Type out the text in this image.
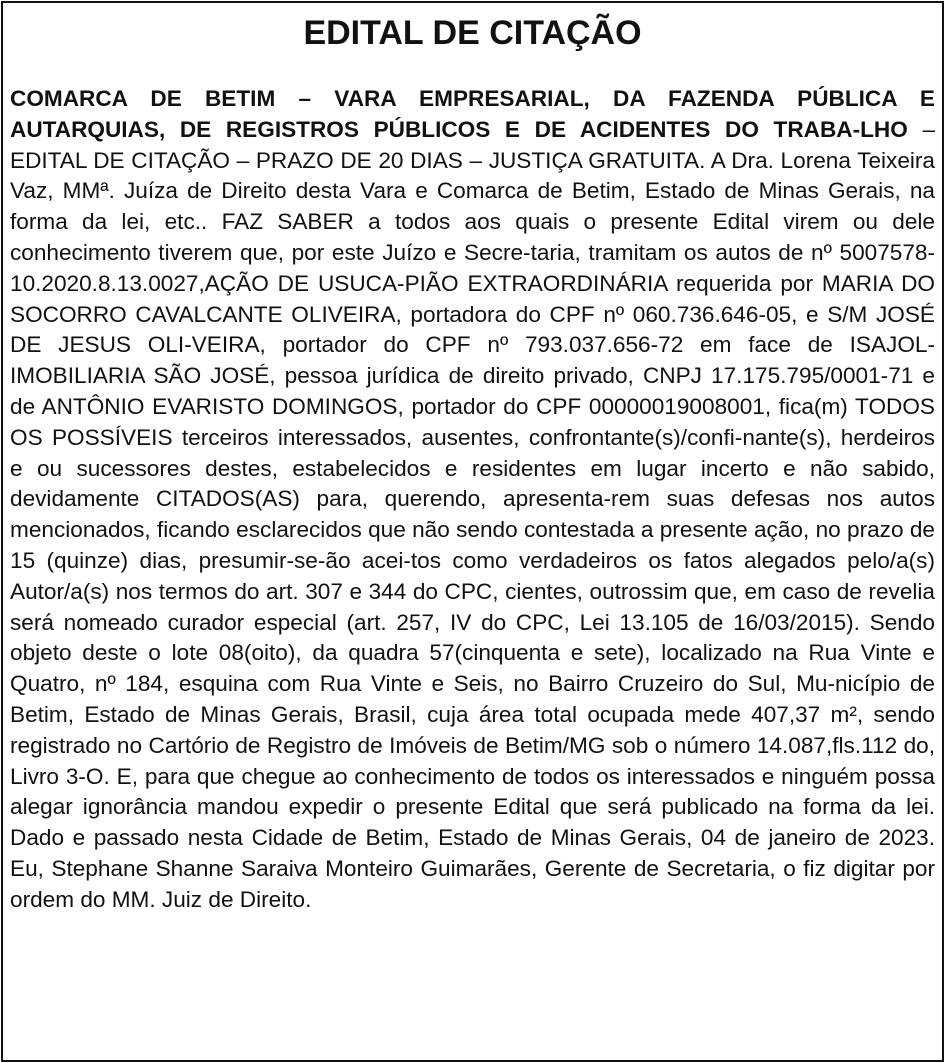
EDITAL DE CITAÇÃO

COMARCA DE BETIM – VARA EMPRESARIAL, DA FAZENDA PÚBLICA E AUTARQUIAS, DE REGISTROS PÚBLICOS E DE ACIDENTES DO TRABA-LHO – EDITAL DE CITAÇÃO – PRAZO DE 20 DIAS – JUSTIÇA GRATUITA. A Dra. Lorena Teixeira Vaz, MMª. Juíza de Direito desta Vara e Comarca de Betim, Estado de Minas Gerais, na forma da lei, etc.. FAZ SABER a todos aos quais o presente Edital virem ou dele conhecimento tiverem que, por este Juízo e Secre-taria, tramitam os autos de nº 5007578-10.2020.8.13.0027,AÇÃO DE USUCA-PIÃO EXTRAORDINÁRIA requerida por MARIA DO SOCORRO CAVALCANTE OLIVEIRA, portadora do CPF nº 060.736.646-05, e S/M JOSÉ DE JESUS OLI-VEIRA, portador do CPF nº 793.037.656-72 em face de ISAJOL- IMOBILIARIA SÃO JOSÉ, pessoa jurídica de direito privado, CNPJ 17.175.795/0001-71 e de ANTÔNIO EVARISTO DOMINGOS, portador do CPF 00000019008001, fica(m) TODOS OS POSSÍVEIS terceiros interessados, ausentes, confrontante(s)/confi-nante(s), herdeiros e ou sucessores destes, estabelecidos e residentes em lugar incerto e não sabido, devidamente CITADOS(AS) para, querendo, apresenta-rem suas defesas nos autos mencionados, ficando esclarecidos que não sendo contestada a presente ação, no prazo de 15 (quinze) dias, presumir-se-ão acei-tos como verdadeiros os fatos alegados pelo/a(s) Autor/a(s) nos termos do art. 307 e 344 do CPC, cientes, outrossim que, em caso de revelia será nomeado curador especial (art. 257, IV do CPC, Lei 13.105 de 16/03/2015). Sendo objeto deste o lote 08(oito), da quadra 57(cinquenta e sete), localizado na Rua Vinte e Quatro, nº 184, esquina com Rua Vinte e Seis, no Bairro Cruzeiro do Sul, Mu-nicípio de Betim, Estado de Minas Gerais, Brasil, cuja área total ocupada mede 407,37 m², sendo registrado no Cartório de Registro de Imóveis de Betim/MG sob o número 14.087,fls.112 do, Livro 3-O. E, para que chegue ao conhecimento de todos os interessados e ninguém possa alegar ignorância mandou expedir o presente Edital que será publicado na forma da lei. Dado e passado nesta Cidade de Betim, Estado de Minas Gerais, 04 de janeiro de 2023. Eu, Stephane Shanne Saraiva Monteiro Guimarães, Gerente de Secretaria, o fiz digitar por ordem do MM. Juiz de Direito.
